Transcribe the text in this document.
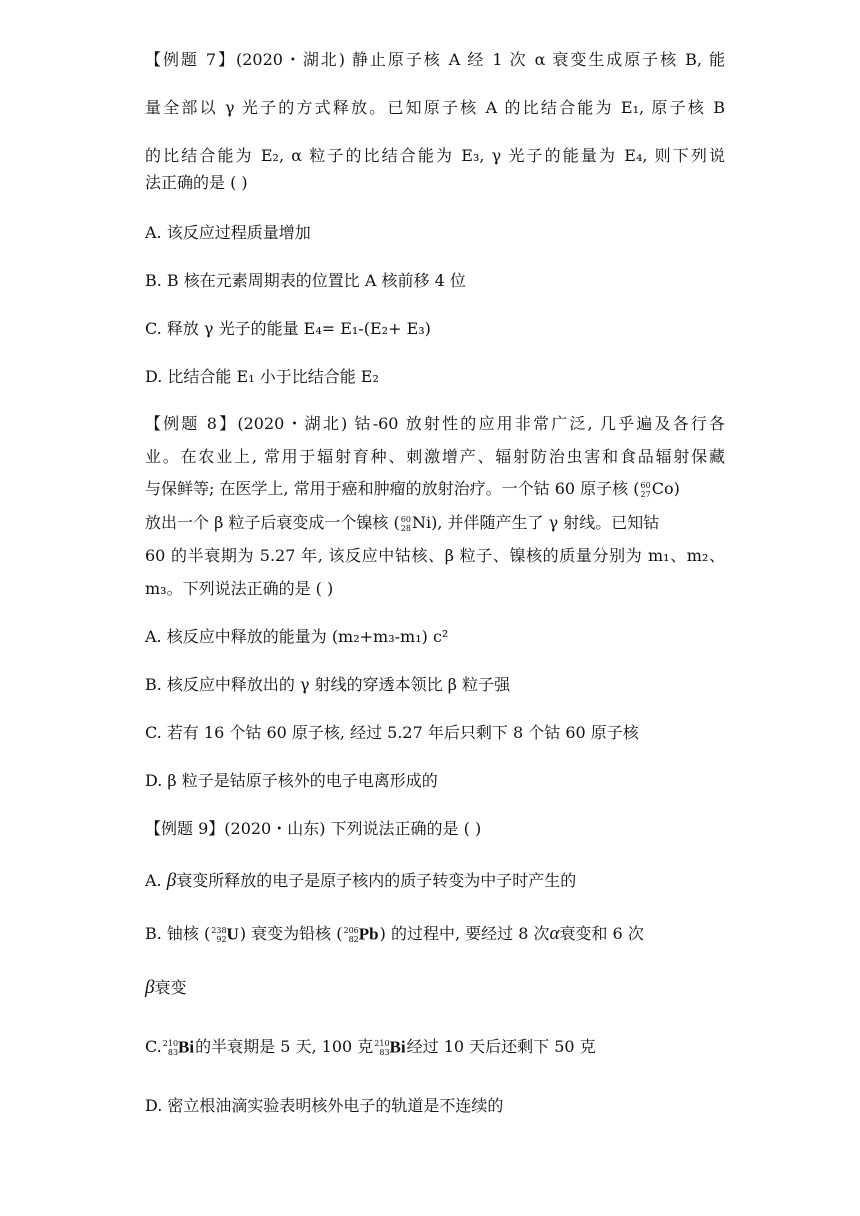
【例题 7】(2020・湖北) 静止原子核 A 经 1 次 α 衰变生成原子核 B, 能
量全部以 γ 光子的方式释放。已知原子核 A 的比结合能为 E₁, 原子核 B
的比结合能为 E₂, α 粒子的比结合能为 E₃, γ 光子的能量为 E₄, 则下列说
法正确的是 ( )
A. 该反应过程质量增加
B. B 核在元素周期表的位置比 A 核前移 4 位
C. 释放 γ 光子的能量 E₄= E₁-(E₂+ E₃)
D. 比结合能 E₁ 小于比结合能 E₂
【例题 8】(2020・湖北) 钴-60 放射性的应用非常广泛, 几乎遍及各行各
业。在农业上, 常用于辐射育种、刺激增产、辐射防治虫害和食品辐射保藏
与保鲜等; 在医学上, 常用于癌和肿瘤的放射治疗。一个钴 60 原子核 ( 60
27 Co)
放出一个 β 粒子后衰变成一个镍核 ( 60
28 Ni), 并伴随产生了 γ 射线。已知钴
60 的半衰期为 5.27 年, 该反应中钴核、β 粒子、镍核的质量分别为 m₁、m₂、
m₃。下列说法正确的是 ( )
A. 核反应中释放的能量为 (m₂+m₃-m₁) c²
B. 核反应中释放出的 γ 射线的穿透本领比 β 粒子强
C. 若有 16 个钴 60 原子核, 经过 5.27 年后只剩下 8 个钴 60 原子核
D. β 粒子是钴原子核外的电子电离形成的
【例题 9】(2020・山东) 下列说法正确的是 ( )
A. β衰变所释放的电子是原子核内的质子转变为中子时产生的
B. 铀核 ( 238
92 U) 衰变为铅核 ( 206
82 Pb) 的过程中, 要经过 8 次α衰变和 6 次
β衰变
C. 210
83 Bi的半衰期是 5 天, 100 克 210
83 Bi经过 10 天后还剩下 50 克
D. 密立根油滴实验表明核外电子的轨道是不连续的
